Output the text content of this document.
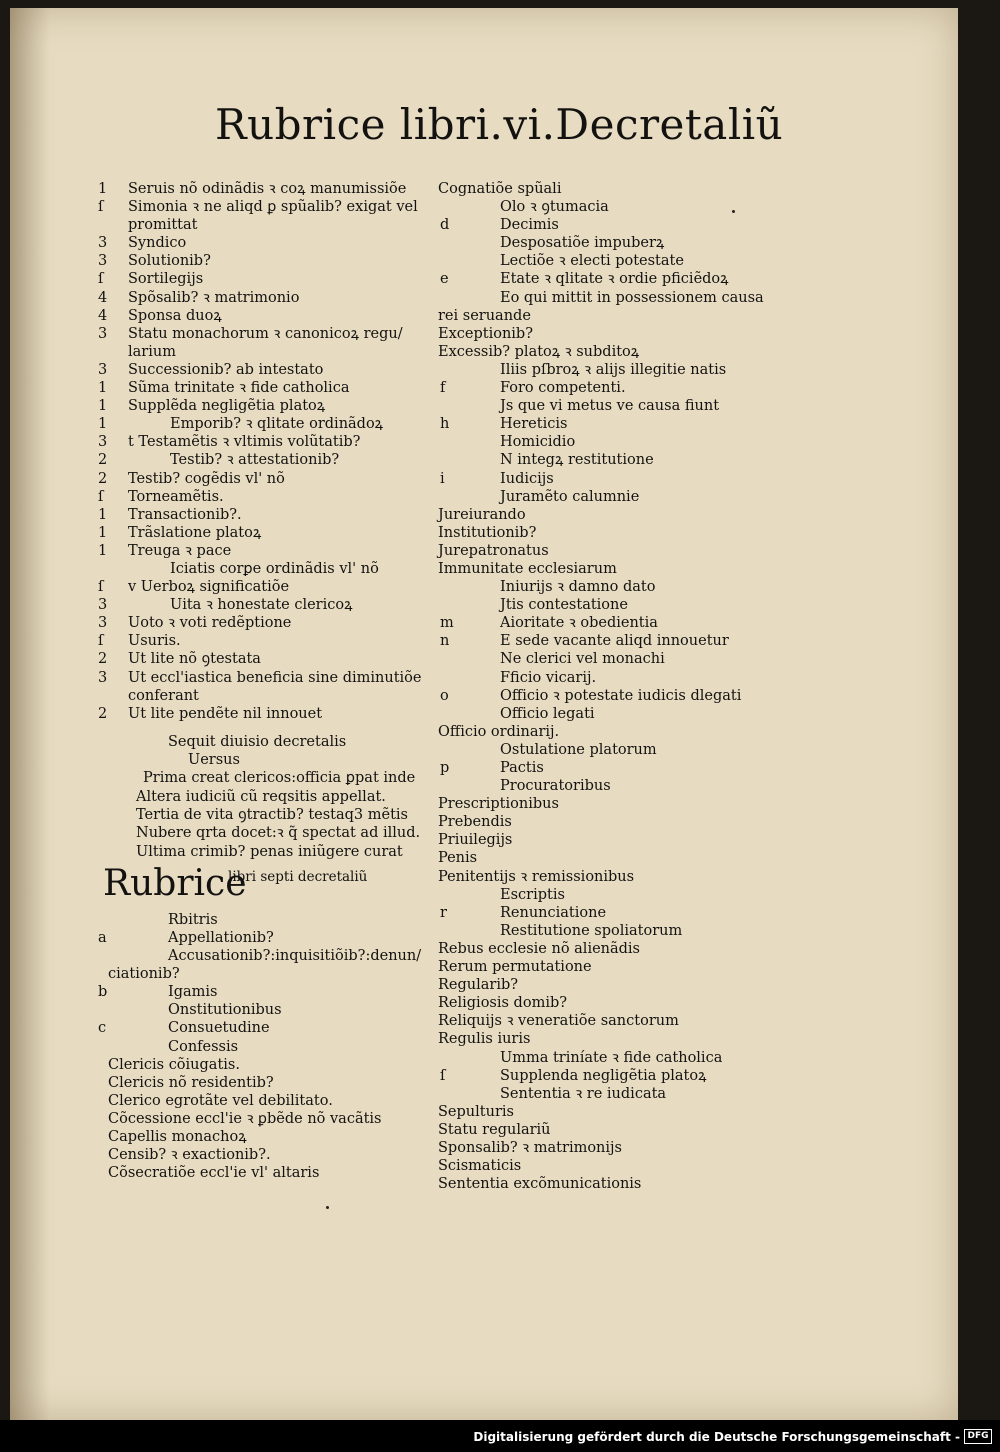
Rubrice libri.vi.Decretaliũ
1	Seruis nõ odinãdis ꝛ coꝝ manumissiõe
ſ	Simonia ꝛ ne aliqd ꝑ spũalib? exigat vel
promittat
3	Syndico
3	Solutionib?
ſ	Sortilegijs
4	Spõsalib? ꝛ matrimonio
4	Sponsa duoꝝ
3	Statu monachorum ꝛ canonicoꝝ regu/
larium
3	Successionib? ab intestato
1	Sũma trinitate ꝛ fide catholica
1	Supplẽda negligẽtia platoꝝ
1	Emporib? ꝛ qlitate ordinãdoꝝ
3	t Testamẽtis ꝛ vltimis volũtatib?
2	Testib? ꝛ attestationib?
2	Testib? cogẽdis vl' nõ
ſ	Torneamẽtis.
1	Transactionib?.
1	Trãslatione platoꝝ
1	Treuga ꝛ pace
Iciatis corꝑe ordinãdis vl' nõ
ſ	v Uerboꝝ significatiõe
3	Uita ꝛ honestate clericoꝝ
3	Uoto ꝛ voti redẽptione
ſ	Usuris.
2	Ut lite nõ ꝯtestata
3	Ut eccl'iastica beneficia sine diminutiõe
conferant
2	Ut lite pendẽte nil innouet
Sequit diuisio decretalis
Uersus
Prima creat clericos:officia ꝑpat inde
Altera iudiciũ cũ reqsitis appellat.
Tertia de vita ꝯtractib? testaq3 mẽtis
Nubere qrta docet:ꝛ q̃ spectat ad illud.
Ultima crimib? penas iniũgere curat
Rubrice
libri septi decretaliũ
Rbitris
a	Appellationib?
Accusationib?:inquisitiõib?:denun/
ciationib?
b	Igamis
Onstitutionibus
c	Consuetudine
Confessis
Clericis cõiugatis.
Clericis nõ residentib?
Clerico egrotãte vel debilitato.
Cõcessione eccl'ie ꝛ ꝑbẽde nõ vacãtis
Capellis monachoꝝ
Censib? ꝛ exactionib?.
Cõsecratiõe eccl'ie vl' altaris
Cognatiõe spũali
Olo ꝛ ꝯtumacia
d	Decimis
Desposatiõe impuberꝝ
Lectiõe ꝛ electi potestate
e	Etate ꝛ qlitate ꝛ ordie pficiẽdoꝝ
Eo qui mittit in possessionem causa
rei seruande
Exceptionib?
Excessib? platoꝝ ꝛ subditoꝝ
Iliis pſbroꝝ ꝛ alijs illegitie natis
f	Foro competenti.
Js que vi metus ve causa fiunt
h	Hereticis
Homicidio
N integꝝ restitutione
i	Iudicijs
Juramẽto calumnie
Jureiurando
Institutionib?
Jurepatronatus
Immunitate ecclesiarum
Iniurijs ꝛ damno dato
Jtis contestatione
m	Aioritate ꝛ obedientia
n	E sede vacante aliqd innouetur
Ne clerici vel monachi
Fficio vicarij.
o	Officio ꝛ potestate iudicis dlegati
Officio legati
Officio ordinarij.
Ostulatione platorum
p	Pactis
Procuratoribus
Prescriptionibus
Prebendis
Priuilegijs
Penis
Penitentijs ꝛ remissionibus
Escriptis
r	Renunciatione
Restitutione spoliatorum
Rebus ecclesie nõ alienãdis
Rerum permutatione
Regularib?
Religiosis domib?
Reliquijs ꝛ veneratiõe sanctorum
Regulis iuris
Umma triníate ꝛ fide catholica
ſ	Supplenda negligẽtia platoꝝ
Sententia ꝛ re iudicata
Sepulturis
Statu regulariũ
Sponsalib? ꝛ matrimonijs
Scismaticis
Sententia excõmunicationis
Digitalisierung gefördert durch die Deutsche Forschungsgemeinschaft - DFG
